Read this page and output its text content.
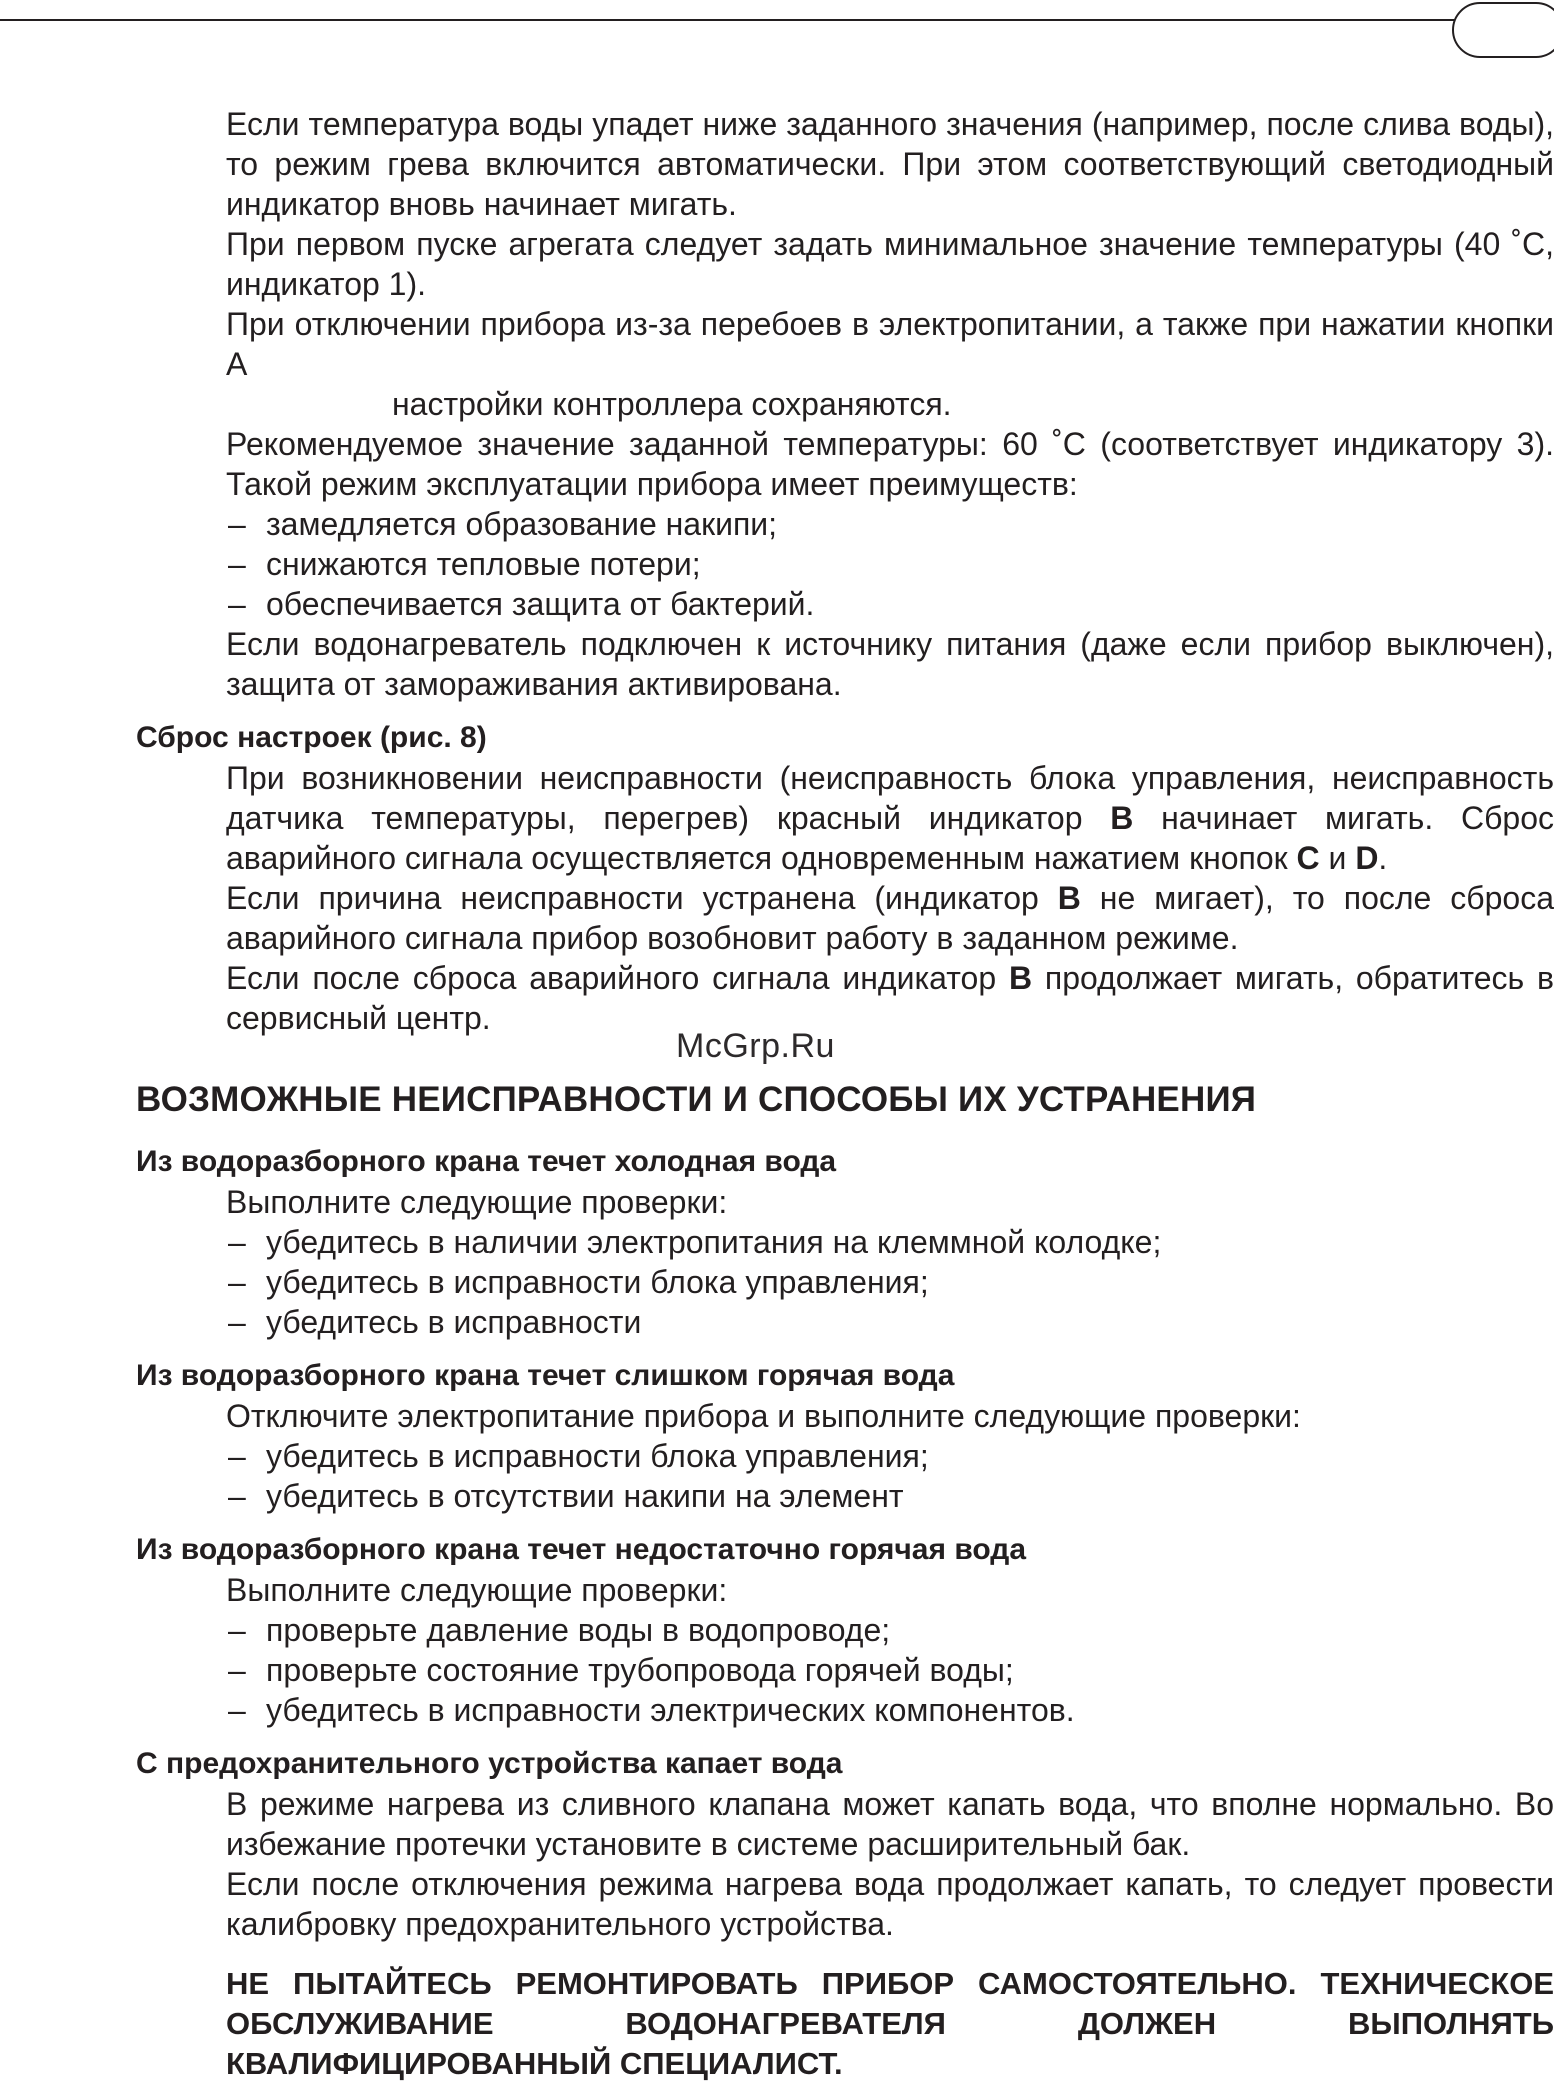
Если температура воды упадет ниже заданного значения (например, после слива воды), то режим грева включится автоматически. При этом соответствующий светодиодный индикатор вновь начинает мигать.

При первом пуске агрегата следует задать минимальное значение температуры (40 ˚С, индикатор 1).

При отключении прибора из-за перебоев в электропитании, а также при нажатии кнопки А
настройки контроллера сохраняются.

Рекомендуемое значение заданной температуры: 60 ˚С (соответствует индикатору 3). Такой режим эксплуатации прибора имеет преимуществ:

– замедляется образование накипи;
– снижаются тепловые потери;
– обеспечивается защита от бактерий.

Если водонагреватель подключен к источнику питания (даже если прибор выключен), защита от замораживания активирована.

Сброс настроек (рис. 8)

При возникновении неисправности (неисправность блока управления, неисправность датчика температуры, перегрев) красный индикатор B начинает мигать. Сброс аварийного сигнала осуществляется одновременным нажатием кнопок C и D.

Если причина неисправности устранена (индикатор B не мигает), то после сброса аварийного сигнала прибор возобновит работу в заданном режиме.

Если после сброса аварийного сигнала индикатор B продолжает мигать, обратитесь в сервисный центр.

ВОЗМОЖНЫЕ НЕИСПРАВНОСТИ И СПОСОБЫ ИХ УСТРАНЕНИЯ
Из водоразборного крана течет холодная вода

Выполните следующие проверки:

– убедитесь в наличии электропитания на клеммной колодке;
– убедитесь в исправности блока управления;
– убедитесь в исправности
Из водоразборного крана течет слишком горячая вода

Отключите электропитание прибора и выполните следующие проверки:

– убедитесь в исправности блока управления;
– убедитесь в отсутствии накипи на элемент
Из водоразборного крана течет недостаточно горячая вода

Выполните следующие проверки:

– проверьте давление воды в водопроводе;
– проверьте состояние трубопровода горячей воды;
– убедитесь в исправности электрических компонентов.
С предохранительного устройства капает вода

В режиме нагрева из сливного клапана может капать вода, что вполне нормально. Во избежание протечки установите в системе расширительный бак.

Если после отключения режима нагрева вода продолжает капать, то следует провести калибровку предохранительного устройства.

НЕ ПЫТАЙТЕСЬ РЕМОНТИРОВАТЬ ПРИБОР САМОСТОЯТЕЛЬНО. ТЕХНИЧЕСКОЕ ОБСЛУЖИВАНИЕ ВОДОНАГРЕВАТЕЛЯ ДОЛЖЕН ВЫПОЛНЯТЬ КВАЛИФИЦИРОВАННЫЙ СПЕЦИАЛИСТ.

McGrp.Ru
